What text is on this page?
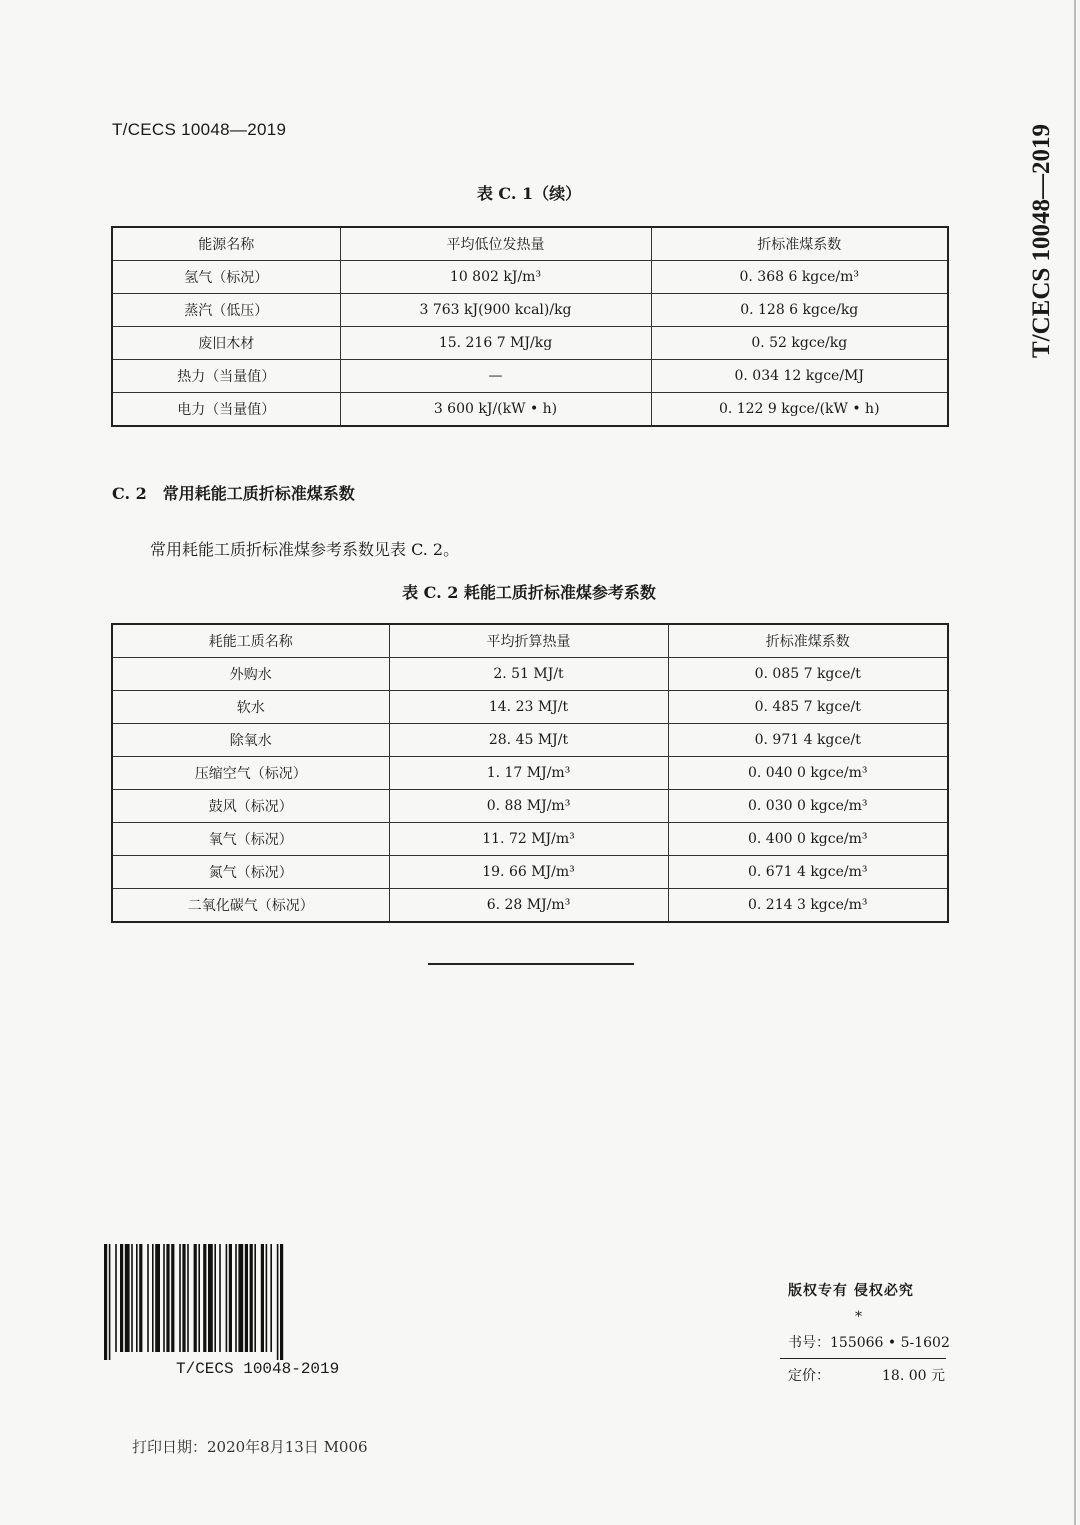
T/CECS 10048—2019	T/CECS 10048—2019
表 C. 1（续）
能源名称	平均低位发热量	折标准煤系数
氢气（标况）	10 802 kJ/m³	0. 368 6 kgce/m³
蒸汽（低压）	3 763 kJ(900 kcal)/kg	0. 128 6 kgce/kg
废旧木材	15. 216 7 MJ/kg	0. 52 kgce/kg
热力（当量值）	—	0. 034 12 kgce/MJ
电力（当量值）	3 600 kJ/(kW • h)	0. 122 9 kgce/(kW • h)
C. 2 常用耗能工质折标准煤系数
常用耗能工质折标准煤参考系数见表 C. 2。
表 C. 2 耗能工质折标准煤参考系数
耗能工质名称	平均折算热量	折标准煤系数
外购水	2. 51 MJ/t	0. 085 7 kgce/t
软水	14. 23 MJ/t	0. 485 7 kgce/t
除氧水	28. 45 MJ/t	0. 971 4 kgce/t
压缩空气（标况）	1. 17 MJ/m³	0. 040 0 kgce/m³
鼓风（标况）	0. 88 MJ/m³	0. 030 0 kgce/m³
氧气（标况）	11. 72 MJ/m³	0. 400 0 kgce/m³
氮气（标况）	19. 66 MJ/m³	0. 671 4 kgce/m³
二氧化碳气（标况）	6. 28 MJ/m³	0. 214 3 kgce/m³
T/CECS 10048-2019
版权专有 侵权必究
*
书号：155066 • 5-1602
定价：	18. 00 元
打印日期：2020年8月13日 M006
